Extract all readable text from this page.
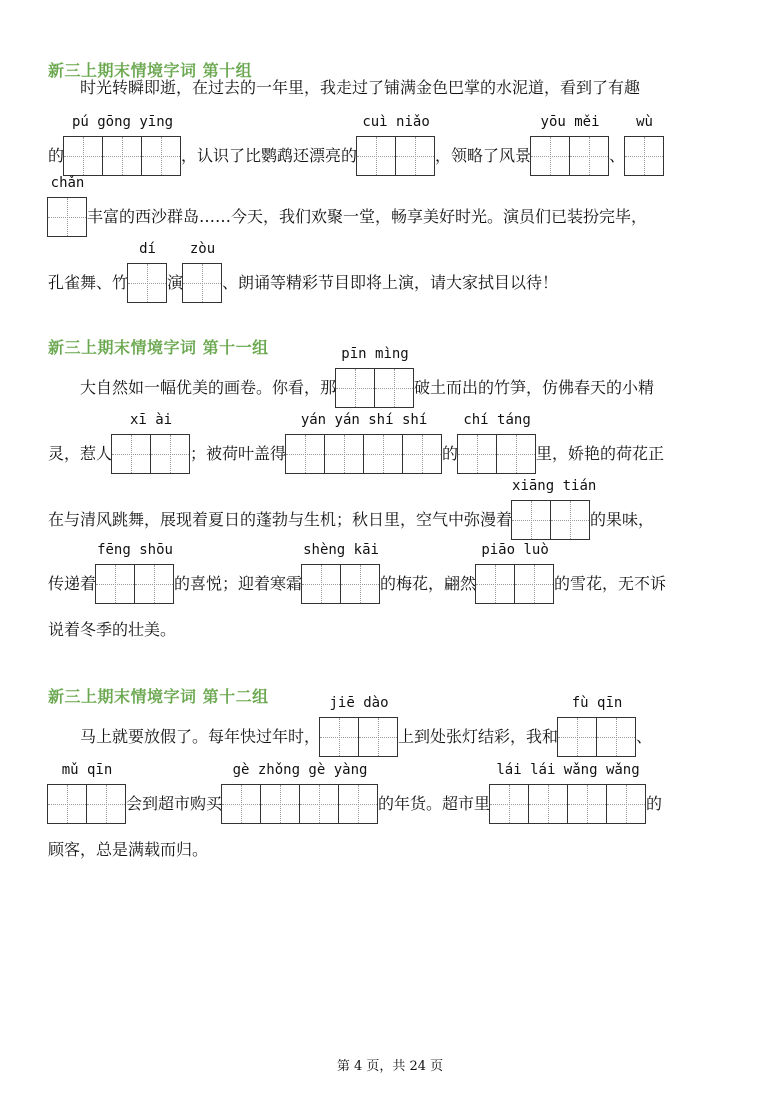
新三上期末情境字词 第十组
时光转瞬即逝，在过去的一年里，我走过了铺满金色巴掌的水泥道，看到了有趣
的
pú gōng yīng
，认识了比鹦鹉还漂亮的
cuì niǎo
，领略了风景
yōu měi
、
wù
chǎn
丰富的西沙群岛……今天，我们欢聚一堂，畅享美好时光。演员们已装扮完毕，
孔雀舞、竹
dí
演
zòu
、朗诵等精彩节目即将上演，请大家拭目以待！
新三上期末情境字词 第十一组
大自然如一幅优美的画卷。你看，那
pīn mìng
破土而出的竹笋，仿佛春天的小精
灵，惹人
xī ài
；被荷叶盖得
yán yán shí shí
的
chí táng
里，娇艳的荷花正
在与清风跳舞，展现着夏日的蓬勃与生机；秋日里，空气中弥漫着
xiāng tián
的果味，
传递着
fēng shōu
的喜悦；迎着寒霜
shèng kāi
的梅花，翩然
piāo luò
的雪花，无不诉
说着冬季的壮美。
新三上期末情境字词 第十二组
马上就要放假了。每年快过年时，
jiē dào
上到处张灯结彩，我和
fù qīn
、
mǔ qīn
会到超市购买
gè zhǒng gè yàng
的年货。超市里
lái lái wǎng wǎng
的
顾客，总是满载而归。
第 4 页，共 24 页
